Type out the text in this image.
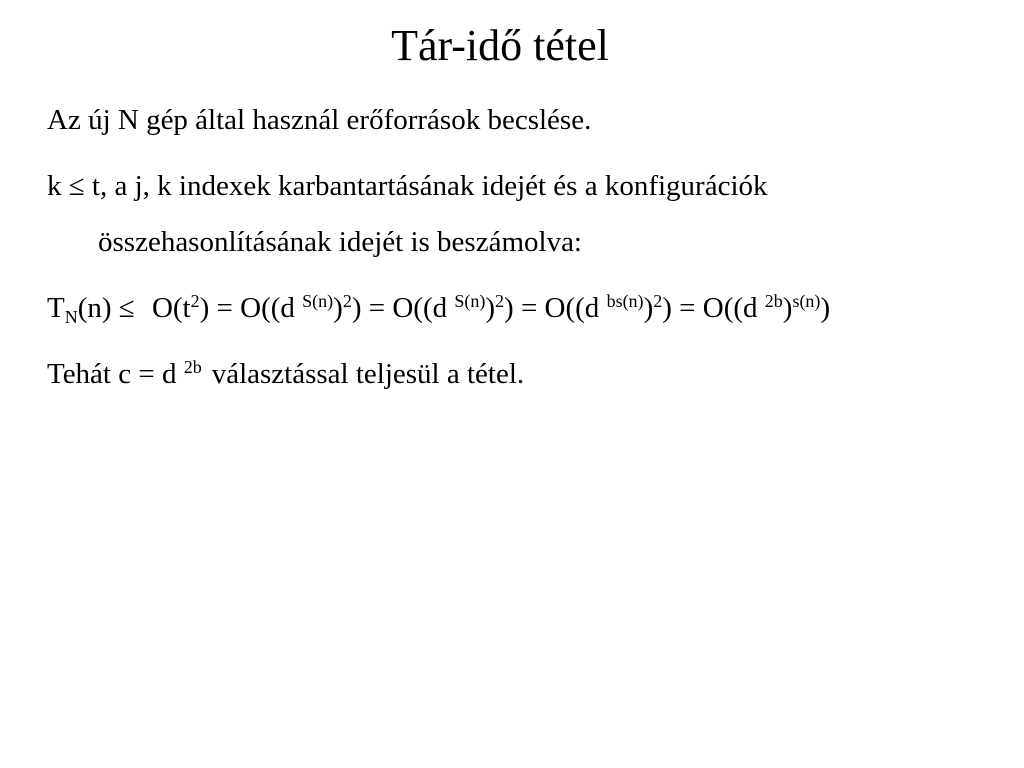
Tár-idő tétel

Az új N gép által használ erőforrások becslése.

k ≤ t, a j, k indexek karbantartásának idejét és a konfigurációk

összehasonlításának idejét is beszámolva:

$T_N(n) \le O(t^2) = O((d$ $^{S(n)}$)$^2$) = O((d $^{S(n)}$)$^2$) = O((d $^{bs(n)}$)$^2$) = O((d $^{2b}$)$^{s(n)}$)

Tehát c = d $^{2b}$ választással teljesül a tétel.
